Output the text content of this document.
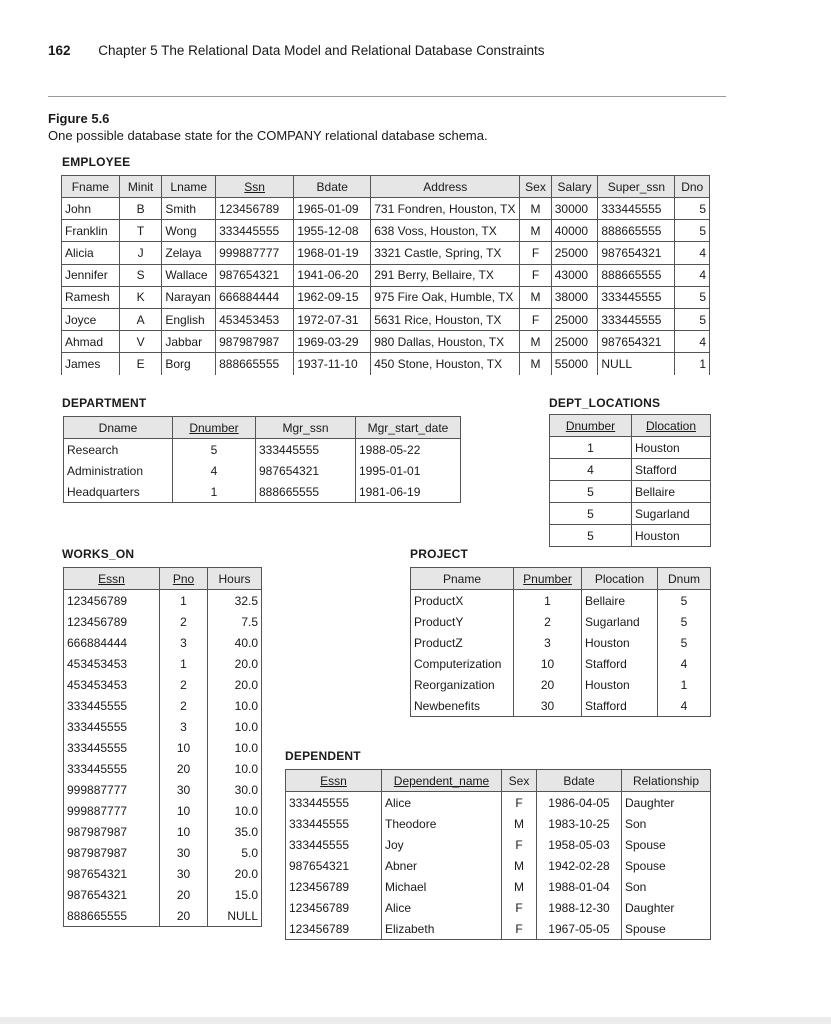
162 Chapter 5 The Relational Data Model and Relational Database Constraints
Figure 5.6
One possible database state for the COMPANY relational database schema.
EMPLOYEE
Fname	Minit	Lname	Ssn	Bdate	Address	Sex	Salary	Super_ssn	Dno
John	B	Smith	123456789	1965-01-09	731 Fondren, Houston, TX	M	30000	333445555	5
Franklin	T	Wong	333445555	1955-12-08	638 Voss, Houston, TX	M	40000	888665555	5
Alicia	J	Zelaya	999887777	1968-01-19	3321 Castle, Spring, TX	F	25000	987654321	4
Jennifer	S	Wallace	987654321	1941-06-20	291 Berry, Bellaire, TX	F	43000	888665555	4
Ramesh	K	Narayan	666884444	1962-09-15	975 Fire Oak, Humble, TX	M	38000	333445555	5
Joyce	A	English	453453453	1972-07-31	5631 Rice, Houston, TX	F	25000	333445555	5
Ahmad	V	Jabbar	987987987	1969-03-29	980 Dallas, Houston, TX	M	25000	987654321	4
James	E	Borg	888665555	1937-11-10	450 Stone, Houston, TX	M	55000	NULL	1
DEPARTMENT
Dname	Dnumber	Mgr_ssn	Mgr_start_date
Research	5	333445555	1988-05-22
Administration	4	987654321	1995-01-01
Headquarters	1	888665555	1981-06-19
DEPT_LOCATIONS
Dnumber	Dlocation
1	Houston
4	Stafford
5	Bellaire
5	Sugarland
5	Houston
WORKS_ON
Essn	Pno	Hours
123456789	1	32.5
123456789	2	7.5
666884444	3	40.0
453453453	1	20.0
453453453	2	20.0
333445555	2	10.0
333445555	3	10.0
333445555	10	10.0
333445555	20	10.0
999887777	30	30.0
999887777	10	10.0
987987987	10	35.0
987987987	30	5.0
987654321	30	20.0
987654321	20	15.0
888665555	20	NULL
PROJECT
Pname	Pnumber	Plocation	Dnum
ProductX	1	Bellaire	5
ProductY	2	Sugarland	5
ProductZ	3	Houston	5
Computerization	10	Stafford	4
Reorganization	20	Houston	1
Newbenefits	30	Stafford	4
DEPENDENT
Essn	Dependent_name	Sex	Bdate	Relationship
333445555	Alice	F	1986-04-05	Daughter
333445555	Theodore	M	1983-10-25	Son
333445555	Joy	F	1958-05-03	Spouse
987654321	Abner	M	1942-02-28	Spouse
123456789	Michael	M	1988-01-04	Son
123456789	Alice	F	1988-12-30	Daughter
123456789	Elizabeth	F	1967-05-05	Spouse
